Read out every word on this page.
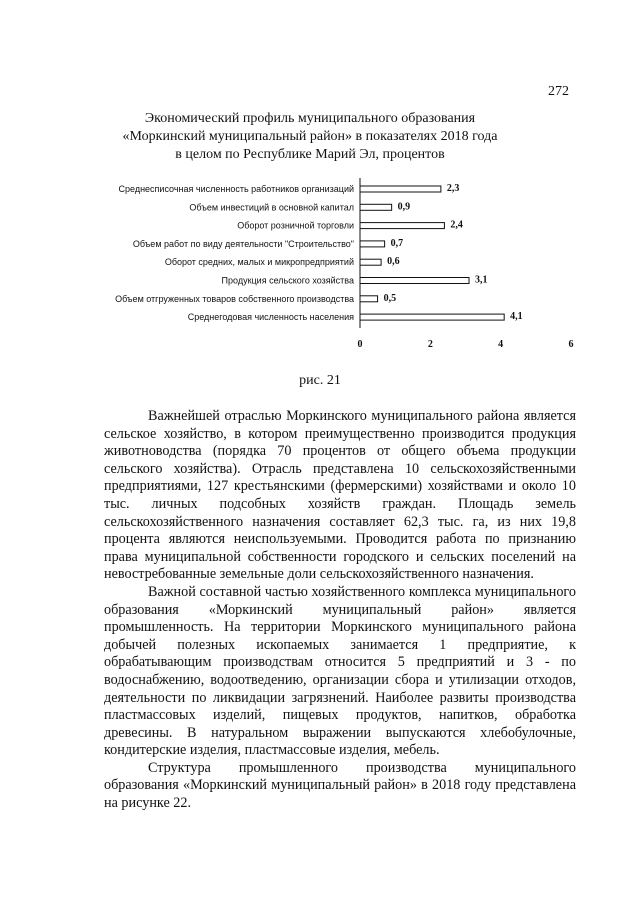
272
Экономический профиль муниципального образования
«Моркинский муниципальный район» в показателях 2018 года
в целом по Республике Марий Эл, процентов
Среднесписочная численность работников организаций	2,3
Объем инвестиций в основной капитал	0,9
Оборот розничной торговли	2,4
Объем работ по виду деятельности "Строительство"	0,7
Оборот средних, малых и микропредприятий	0,6
Продукция сельского хозяйства	3,1
Объем отгруженных товаров собственного производства	0,5
Среднегодовая численность населения	4,1
0	2	4	6
рис. 21

Важнейшей отраслью Моркинского муниципального района является сельское хозяйство, в котором преимущественно производится продукция животноводства (порядка 70 процентов от общего объема продукции сельского хозяйства). Отрасль представлена 10 сельскохозяйственными предприятиями, 127 крестьянскими (фермерскими) хозяйствами и около 10 тыс. личных подсобных хозяйств граждан. Площадь земель сельскохозяйственного назначения составляет 62,3 тыс. га, из них 19,8 процента являются неиспользуемыми. Проводится работа по признанию права муниципальной собственности городского и сельских поселений на невостребованные земельные доли сельскохозяйственного назначения.

Важной составной частью хозяйственного комплекса муниципального образования «Моркинский муниципальный район» является промышленность. На территории Моркинского муниципального района добычей полезных ископаемых занимается 1 предприятие, к обрабатывающим производствам относится 5 предприятий и 3 - по водоснабжению, водоотведению, организации сбора и утилизации отходов, деятельности по ликвидации загрязнений. Наиболее развиты производства пластмассовых изделий, пищевых продуктов, напитков, обработка древесины. В натуральном выражении выпускаются хлебобулочные, кондитерские изделия, пластмассовые изделия, мебель.

Структура промышленного производства муниципального образования «Моркинский муниципальный район» в 2018 году представлена на рисунке 22.
